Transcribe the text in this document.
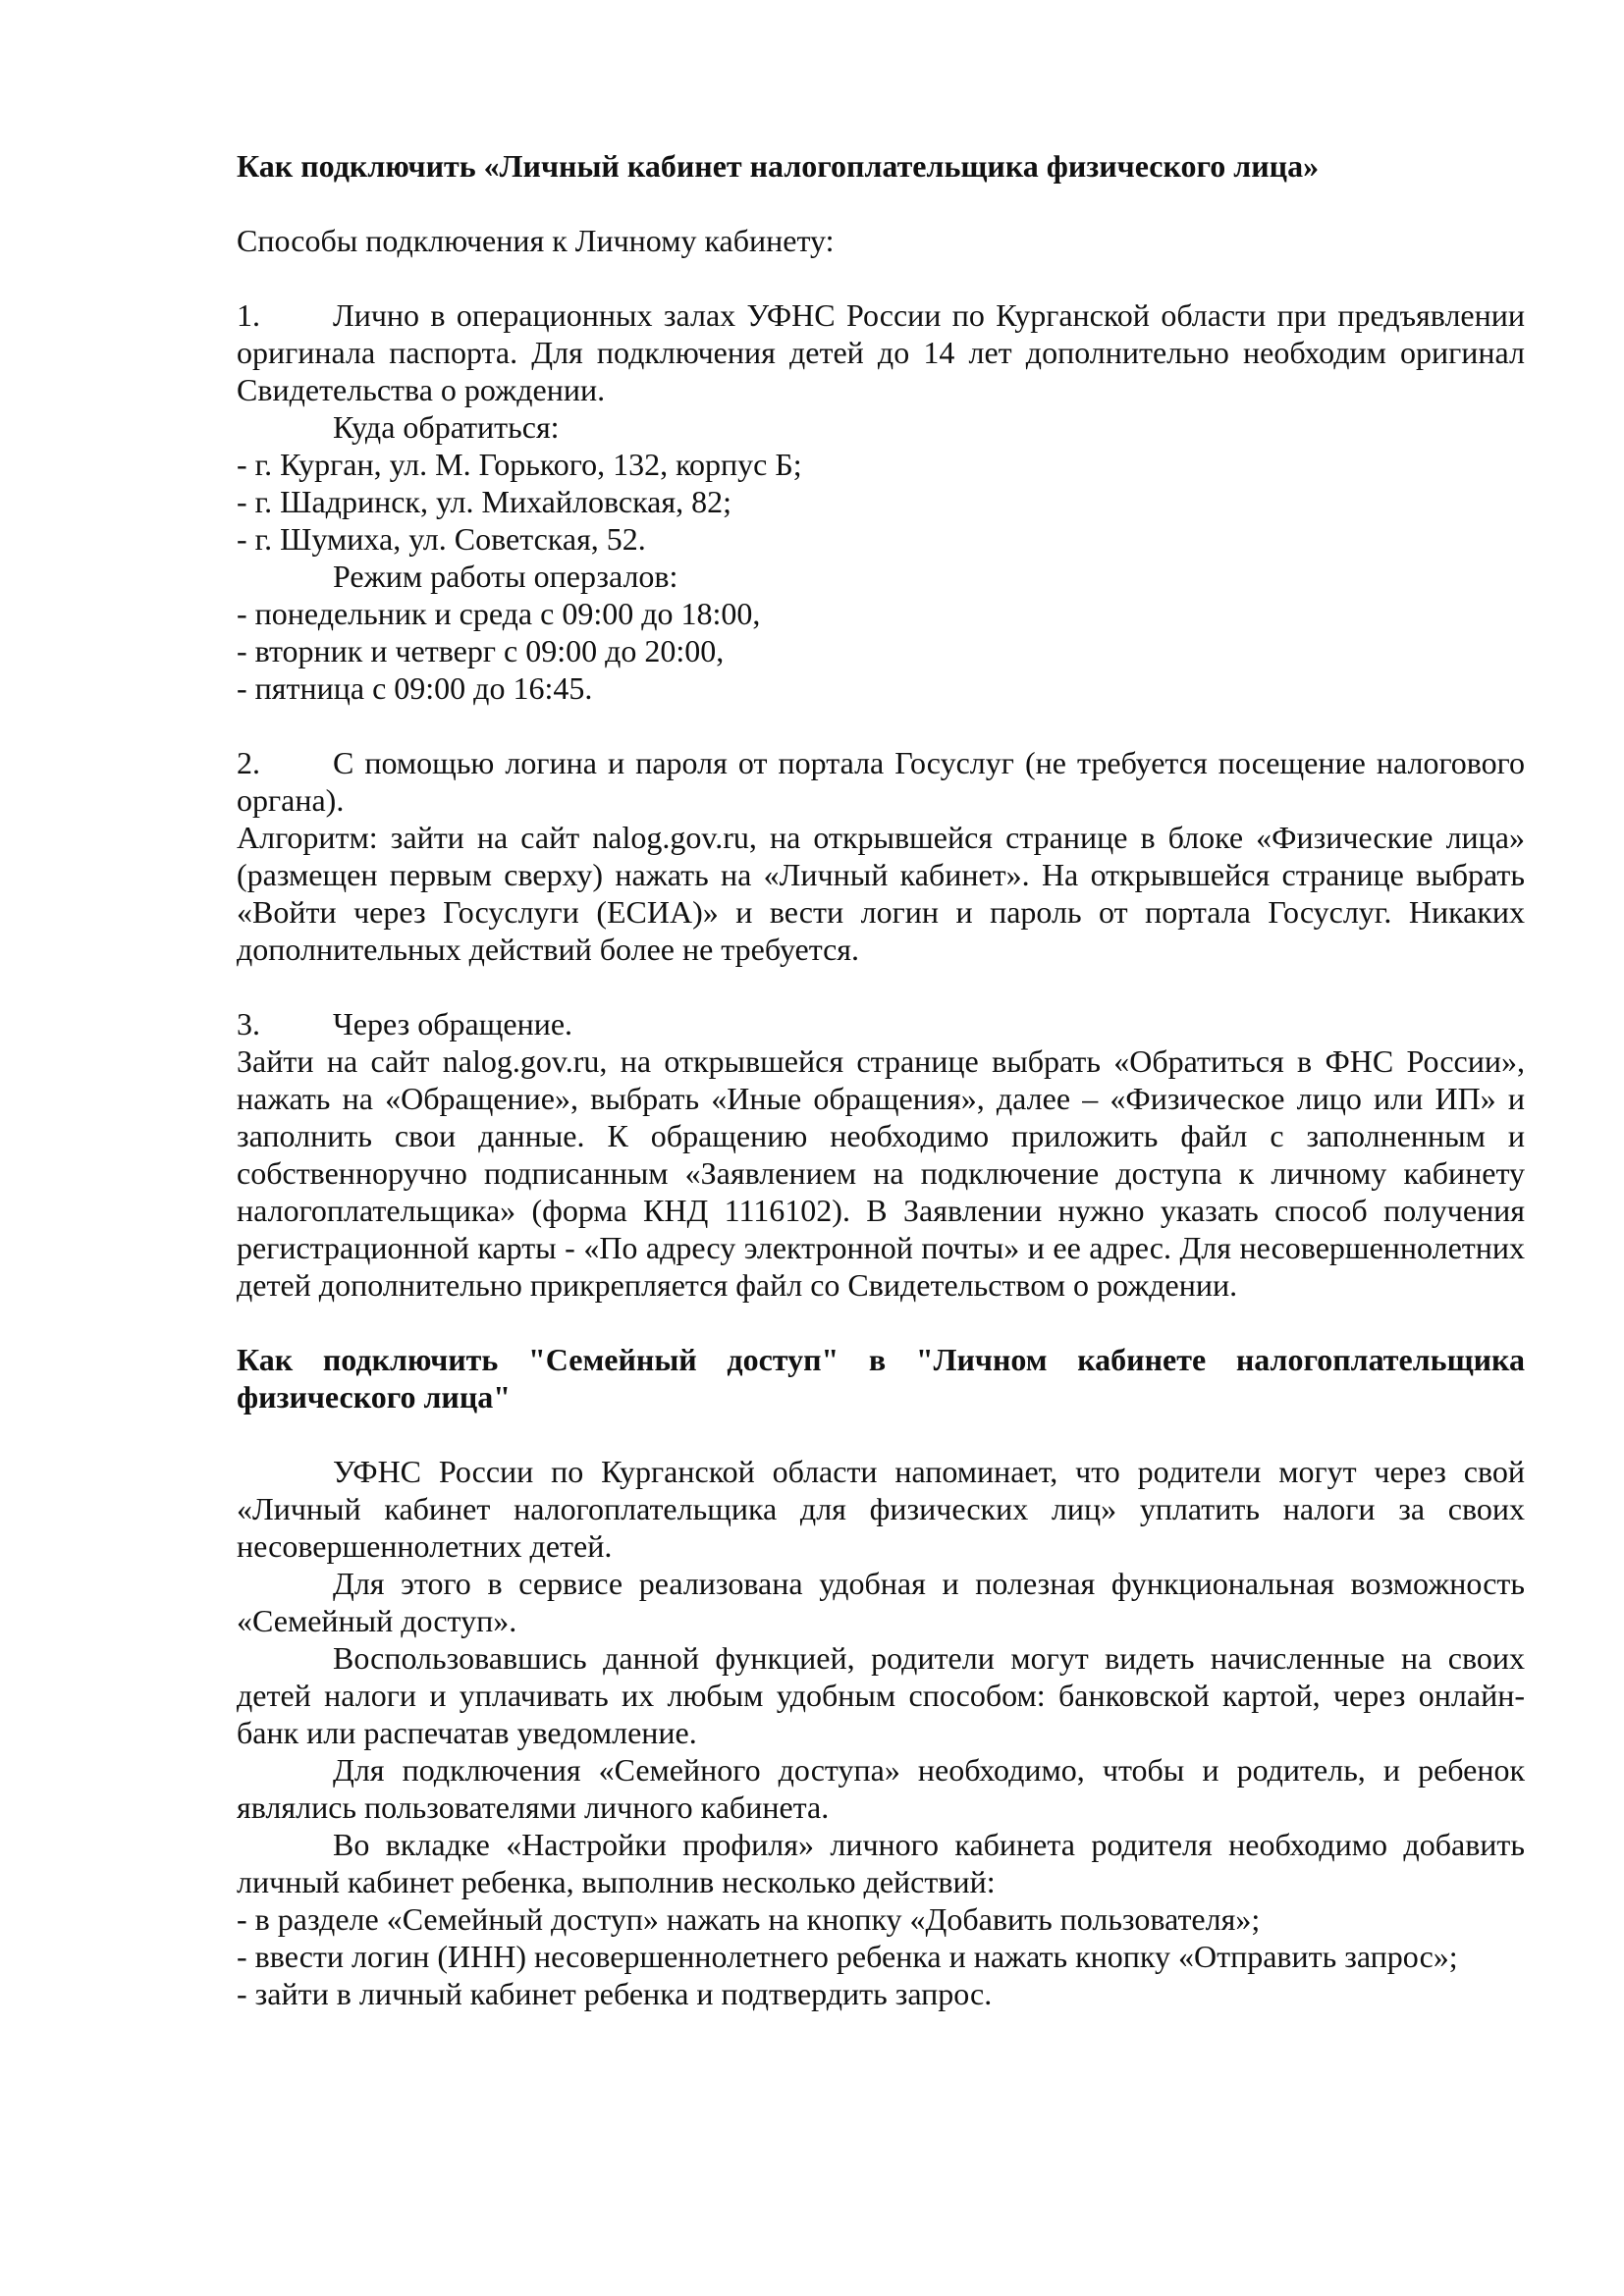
Как подключить «Личный кабинет налогоплательщика физического лица»

Способы подключения к Личному кабинету:

1. Лично в операционных залах УФНС России по Курганской области при предъявлении оригинала паспорта. Для подключения детей до 14 лет дополнительно необходим оригинал Свидетельства о рождении.

Куда обратиться:

- г. Курган, ул. М. Горького, 132, корпус Б;

- г. Шадринск, ул. Михайловская, 82;

- г. Шумиха, ул. Советская, 52.

Режим работы оперзалов:

- понедельник и среда с 09:00 до 18:00,

- вторник и четверг с 09:00 до 20:00,

- пятница с 09:00 до 16:45.

2. С помощью логина и пароля от портала Госуслуг (не требуется посещение налогового органа).

Алгоритм: зайти на сайт nalog.gov.ru, на открывшейся странице в блоке «Физические лица» (размещен первым сверху) нажать на «Личный кабинет». На открывшейся странице выбрать «Войти через Госуслуги (ЕСИА)» и вести логин и пароль от портала Госуслуг. Никаких дополнительных действий более не требуется.

3. Через обращение.

Зайти на сайт nalog.gov.ru, на открывшейся странице выбрать «Обратиться в ФНС России», нажать на «Обращение», выбрать «Иные обращения», далее – «Физическое лицо или ИП» и заполнить свои данные. К обращению необходимо приложить файл с заполненным и собственноручно подписанным «Заявлением на подключение доступа к личному кабинету налогоплательщика» (форма КНД 1116102). В Заявлении нужно указать способ получения регистрационной карты - «По адресу электронной почты» и ее адрес. Для несовершеннолетних детей дополнительно прикрепляется файл со Свидетельством о рождении.

Как подключить "Семейный доступ" в "Личном кабинете налогоплательщика физического лица"

УФНС России по Курганской области напоминает, что родители могут через свой «Личный кабинет налогоплательщика для физических лиц» уплатить налоги за своих несовершеннолетних детей.

Для этого в сервисе реализована удобная и полезная функциональная возможность «Семейный доступ».

Воспользовавшись данной функцией, родители могут видеть начисленные на своих детей налоги и уплачивать их любым удобным способом: банковской картой, через онлайн-банк или распечатав уведомление.

Для подключения «Семейного доступа» необходимо, чтобы и родитель, и ребенок являлись пользователями личного кабинета.

Во вкладке «Настройки профиля» личного кабинета родителя необходимо добавить личный кабинет ребенка, выполнив несколько действий:

- в разделе «Семейный доступ» нажать на кнопку «Добавить пользователя»;

- ввести логин (ИНН) несовершеннолетнего ребенка и нажать кнопку «Отправить запрос»;

- зайти в личный кабинет ребенка и подтвердить запрос.
